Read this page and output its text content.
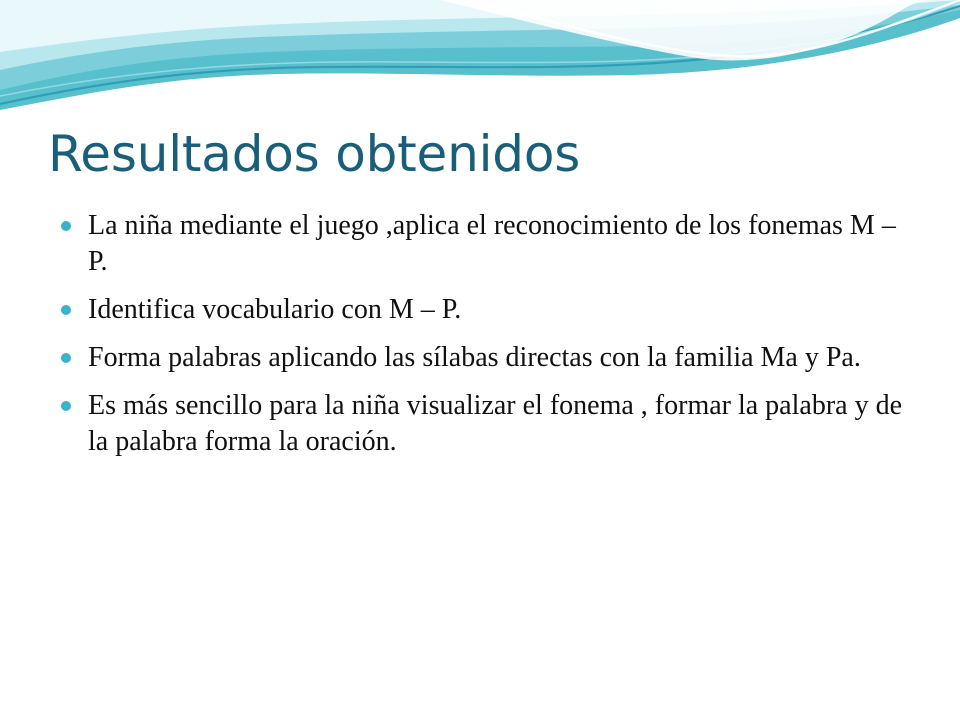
Resultados obtenidos
La niña mediante el juego ,aplica el reconocimiento de los fonemas M – P.
Identifica vocabulario con M – P.
Forma palabras aplicando las sílabas directas con la familia Ma y Pa.
Es más sencillo para la niña visualizar el fonema , formar la palabra y de la palabra forma la oración.
